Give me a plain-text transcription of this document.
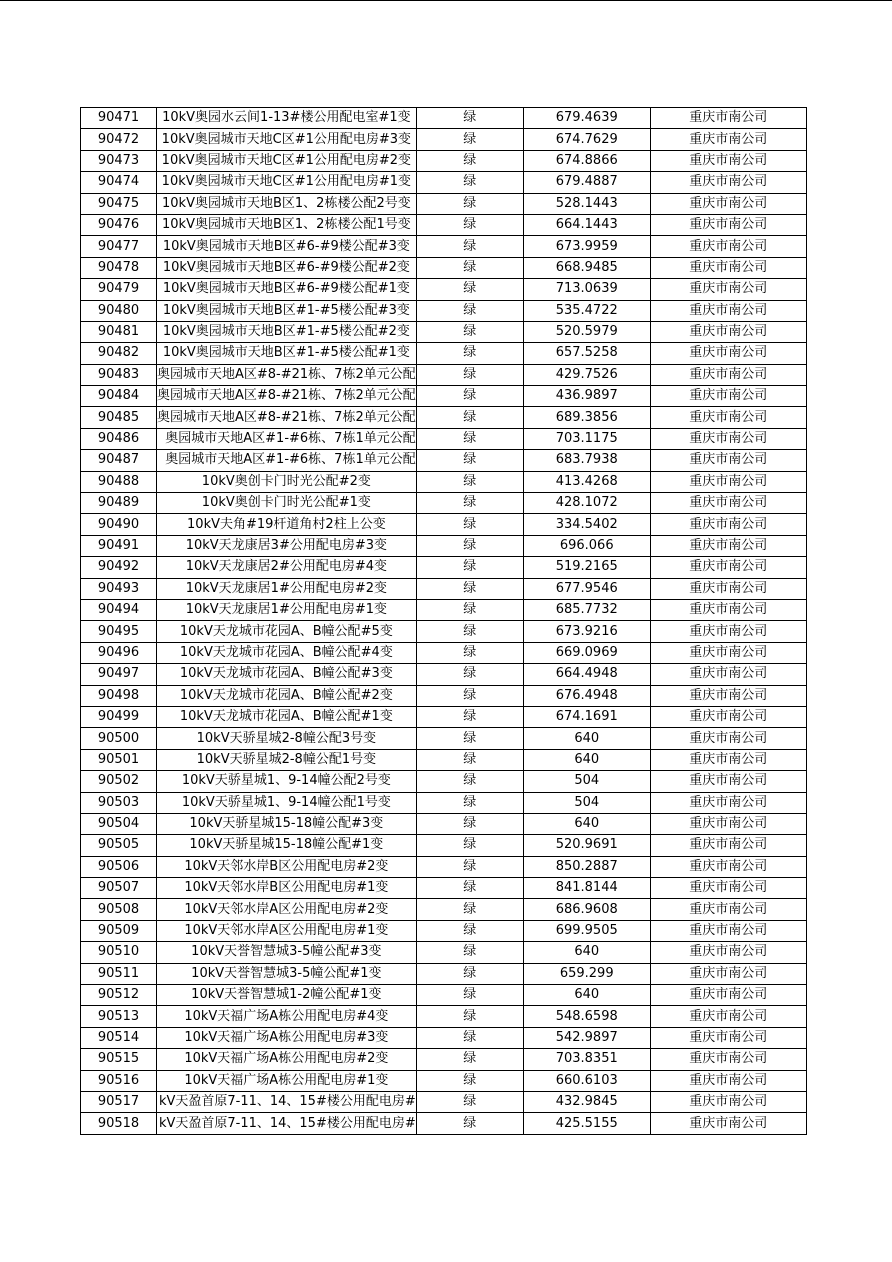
90471	10kV奥园水云间1-13#楼公用配电室#1变	绿	679.4639	重庆市南公司
90472	10kV奥园城市天地C区#1公用配电房#3变	绿	674.7629	重庆市南公司
90473	10kV奥园城市天地C区#1公用配电房#2变	绿	674.8866	重庆市南公司
90474	10kV奥园城市天地C区#1公用配电房#1变	绿	679.4887	重庆市南公司
90475	10kV奥园城市天地B区1、2栋楼公配2号变	绿	528.1443	重庆市南公司
90476	10kV奥园城市天地B区1、2栋楼公配1号变	绿	664.1443	重庆市南公司
90477	10kV奥园城市天地B区#6-#9楼公配#3变	绿	673.9959	重庆市南公司
90478	10kV奥园城市天地B区#6-#9楼公配#2变	绿	668.9485	重庆市南公司
90479	10kV奥园城市天地B区#6-#9楼公配#1变	绿	713.0639	重庆市南公司
90480	10kV奥园城市天地B区#1-#5楼公配#3变	绿	535.4722	重庆市南公司
90481	10kV奥园城市天地B区#1-#5楼公配#2变	绿	520.5979	重庆市南公司
90482	10kV奥园城市天地B区#1-#5楼公配#1变	绿	657.5258	重庆市南公司
90483	奥园城市天地A区#8-#21栋、7栋2单元公配	绿	429.7526	重庆市南公司
90484	奥园城市天地A区#8-#21栋、7栋2单元公配	绿	436.9897	重庆市南公司
90485	奥园城市天地A区#8-#21栋、7栋2单元公配	绿	689.3856	重庆市南公司
90486	奥园城市天地A区#1-#6栋、7栋1单元公配	绿	703.1175	重庆市南公司
90487	奥园城市天地A区#1-#6栋、7栋1单元公配	绿	683.7938	重庆市南公司
90488	10kV奥创卡门时光公配#2变	绿	413.4268	重庆市南公司
90489	10kV奥创卡门时光公配#1变	绿	428.1072	重庆市南公司
90490	10kV夫角#19杆道角村2柱上公变	绿	334.5402	重庆市南公司
90491	10kV天龙康居3#公用配电房#3变	绿	696.066	重庆市南公司
90492	10kV天龙康居2#公用配电房#4变	绿	519.2165	重庆市南公司
90493	10kV天龙康居1#公用配电房#2变	绿	677.9546	重庆市南公司
90494	10kV天龙康居1#公用配电房#1变	绿	685.7732	重庆市南公司
90495	10kV天龙城市花园A、B幢公配#5变	绿	673.9216	重庆市南公司
90496	10kV天龙城市花园A、B幢公配#4变	绿	669.0969	重庆市南公司
90497	10kV天龙城市花园A、B幢公配#3变	绿	664.4948	重庆市南公司
90498	10kV天龙城市花园A、B幢公配#2变	绿	676.4948	重庆市南公司
90499	10kV天龙城市花园A、B幢公配#1变	绿	674.1691	重庆市南公司
90500	10kV天骄星城2-8幢公配3号变	绿	640	重庆市南公司
90501	10kV天骄星城2-8幢公配1号变	绿	640	重庆市南公司
90502	10kV天骄星城1、9-14幢公配2号变	绿	504	重庆市南公司
90503	10kV天骄星城1、9-14幢公配1号变	绿	504	重庆市南公司
90504	10kV天骄星城15-18幢公配#3变	绿	640	重庆市南公司
90505	10kV天骄星城15-18幢公配#1变	绿	520.9691	重庆市南公司
90506	10kV天邻水岸B区公用配电房#2变	绿	850.2887	重庆市南公司
90507	10kV天邻水岸B区公用配电房#1变	绿	841.8144	重庆市南公司
90508	10kV天邻水岸A区公用配电房#2变	绿	686.9608	重庆市南公司
90509	10kV天邻水岸A区公用配电房#1变	绿	699.9505	重庆市南公司
90510	10kV天誉智慧城3-5幢公配#3变	绿	640	重庆市南公司
90511	10kV天誉智慧城3-5幢公配#1变	绿	659.299	重庆市南公司
90512	10kV天誉智慧城1-2幢公配#1变	绿	640	重庆市南公司
90513	10kV天福广场A栋公用配电房#4变	绿	548.6598	重庆市南公司
90514	10kV天福广场A栋公用配电房#3变	绿	542.9897	重庆市南公司
90515	10kV天福广场A栋公用配电房#2变	绿	703.8351	重庆市南公司
90516	10kV天福广场A栋公用配电房#1变	绿	660.6103	重庆市南公司
90517	kV天盈首原7-11、14、15#楼公用配电房#	绿	432.9845	重庆市南公司
90518	kV天盈首原7-11、14、15#楼公用配电房#	绿	425.5155	重庆市南公司
